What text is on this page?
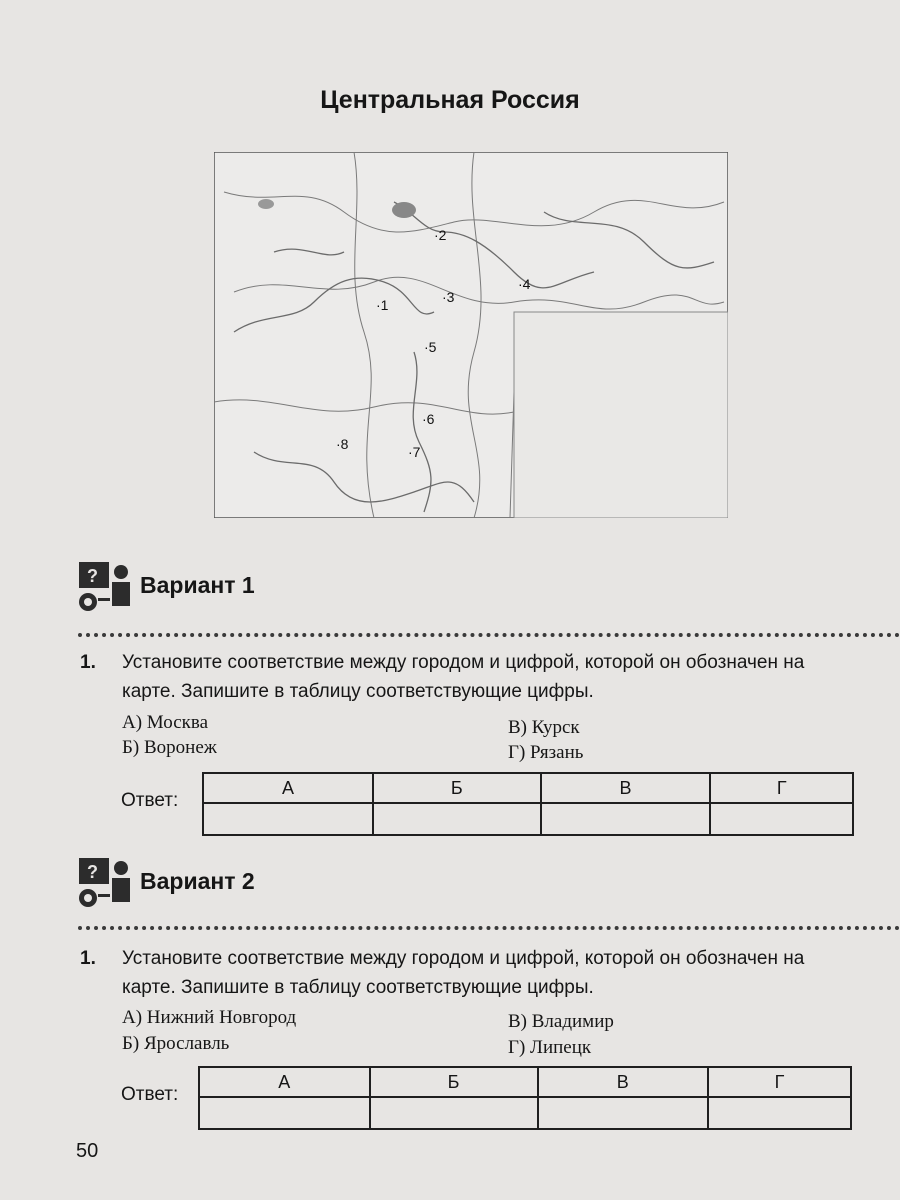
Центральная Россия
·2
·1	·3
·4
·5
·6
·7
·8
? Вариант 1
1. Установите соответствие между городом и цифрой, которой он обозначен на карте. Запишите в таблицу соответствующие цифры.
А) Москва
Б) Воронеж
В) Курск
Г) Рязань
Ответ:
А	Б	В	Г

? Вариант 2
1. Установите соответствие между городом и цифрой, которой он обозначен на карте. Запишите в таблицу соответствующие цифры.
А) Нижний Новгород
Б) Ярославль
В) Владимир
Г) Липецк
Ответ:
А	Б	В	Г

50
